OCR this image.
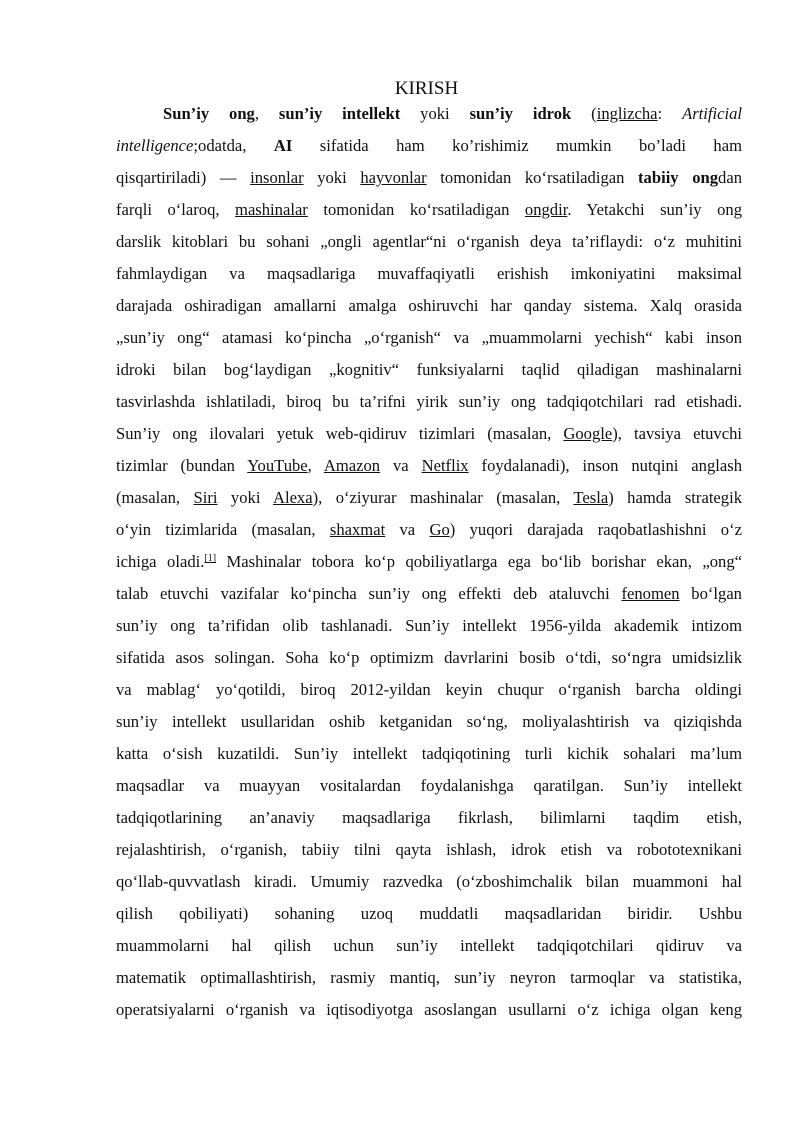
KIRISH
Sun’iy ong, sun’iy intellekt yoki sun’iy idrok (inglizcha: Artificial
intelligence;odatda, AI sifatida ham ko’rishimiz mumkin bo’ladi ham
qisqartiriladi) — insonlar yoki hayvonlar tomonidan ko‘rsatiladigan tabiiy ongdan
farqli o‘laroq, mashinalar tomonidan ko‘rsatiladigan ongdir. Yetakchi sun’iy ong
darslik kitoblari bu sohani „ongli agentlar“ni o‘rganish deya ta’riflaydi: o‘z muhitini
fahmlaydigan va maqsadlariga muvaffaqiyatli erishish imkoniyatini maksimal
darajada oshiradigan amallarni amalga oshiruvchi har qanday sistema. Xalq orasida
„sun’iy ong“ atamasi ko‘pincha „o‘rganish“ va „muammolarni yechish“ kabi inson
idroki bilan bog‘laydigan „kognitiv“ funksiyalarni taqlid qiladigan mashinalarni
tasvirlashda ishlatiladi, biroq bu ta’rifni yirik sun’iy ong tadqiqotchilari rad etishadi.
Sun’iy ong ilovalari yetuk web-qidiruv tizimlari (masalan, Google), tavsiya etuvchi
tizimlar (bundan YouTube, Amazon va Netflix foydalanadi), inson nutqini anglash
(masalan, Siri yoki Alexa), o‘ziyurar mashinalar (masalan, Tesla) hamda strategik
o‘yin tizimlarida (masalan, shaxmat va Go) yuqori darajada raqobatlashishni o‘z
ichiga oladi.[1] Mashinalar tobora ko‘p qobiliyatlarga ega bo‘lib borishar ekan, „ong“
talab etuvchi vazifalar ko‘pincha sun’iy ong effekti deb ataluvchi fenomen bo‘lgan
sun’iy ong ta’rifidan olib tashlanadi. Sun’iy intellekt 1956-yilda akademik intizom
sifatida asos solingan. Soha ko‘p optimizm davrlarini bosib o‘tdi, so‘ngra umidsizlik
va mablag‘ yo‘qotildi, biroq 2012-yildan keyin chuqur o‘rganish barcha oldingi
sun’iy intellekt usullaridan oshib ketganidan so‘ng, moliyalashtirish va qiziqishda
katta o‘sish kuzatildi. Sun’iy intellekt tadqiqotining turli kichik sohalari ma’lum
maqsadlar va muayyan vositalardan foydalanishga qaratilgan. Sun’iy intellekt
tadqiqotlarining an’anaviy maqsadlariga fikrlash, bilimlarni taqdim etish,
rejalashtirish, o‘rganish, tabiiy tilni qayta ishlash, idrok etish va robototexnikani
qo‘llab-quvvatlash kiradi. Umumiy razvedka (o‘zboshimchalik bilan muammoni hal
qilish qobiliyati) sohaning uzoq muddatli maqsadlaridan biridir. Ushbu
muammolarni hal qilish uchun sun’iy intellekt tadqiqotchilari qidiruv va
matematik optimallashtirish, rasmiy mantiq, sun’iy neyron tarmoqlar va statistika,
operatsiyalarni o‘rganish va iqtisodiyotga asoslangan usullarni o‘z ichiga olgan keng
